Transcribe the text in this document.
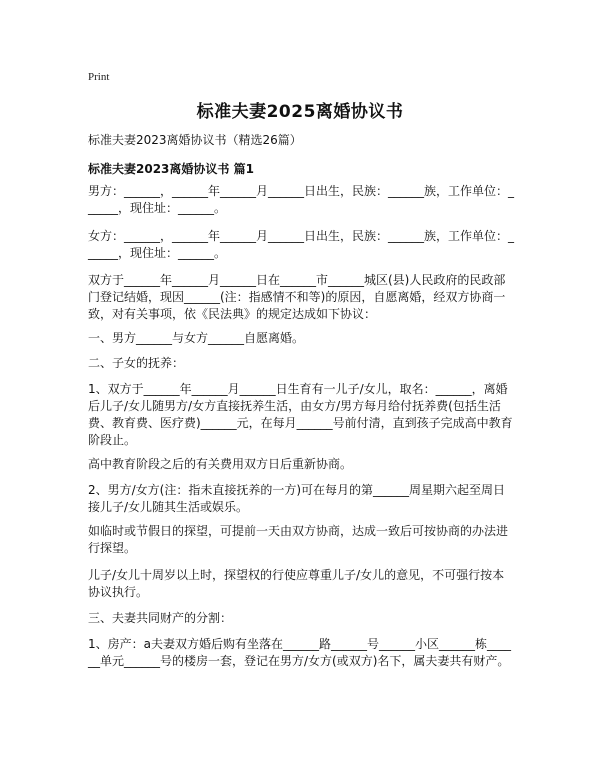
Print
标准夫妻2025离婚协议书
标准夫妻2023离婚协议书（精选26篇）
标准夫妻2023离婚协议书 篇1
男方：______，______年______月______日出生，民族：______族，工作单位：______，现住址：______。
女方：______，______年______月______日出生，民族：______族，工作单位：______，现住址：______。
双方于______年______月______日在______市______城区(县)人民政府的民政部门登记结婚，现因______(注：指感情不和等)的原因，自愿离婚，经双方协商一致，对有关事项，依《民法典》的规定达成如下协议：
一、男方______与女方______自愿离婚。
二、子女的抚养：
1、双方于______年______月______日生育有一儿子/女儿，取名：______，离婚后儿子/女儿随男方/女方直接抚养生活，由女方/男方每月给付抚养费(包括生活费、教育费、医疗费)______元，在每月______号前付清，直到孩子完成高中教育阶段止。
高中教育阶段之后的有关费用双方日后重新协商。
2、男方/女方(注：指未直接抚养的一方)可在每月的第______周星期六起至周日接儿子/女儿随其生活或娱乐。
如临时或节假日的探望，可提前一天由双方协商，达成一致后可按协商的办法进行探望。
儿子/女儿十周岁以上时，探望权的行使应尊重儿子/女儿的意见，不可强行按本协议执行。
三、夫妻共同财产的分割：
1、房产：a夫妻双方婚后购有坐落在______路______号______小区______栋______单元______号的楼房一套，登记在男方/女方(或双方)名下，属夫妻共有财产。
